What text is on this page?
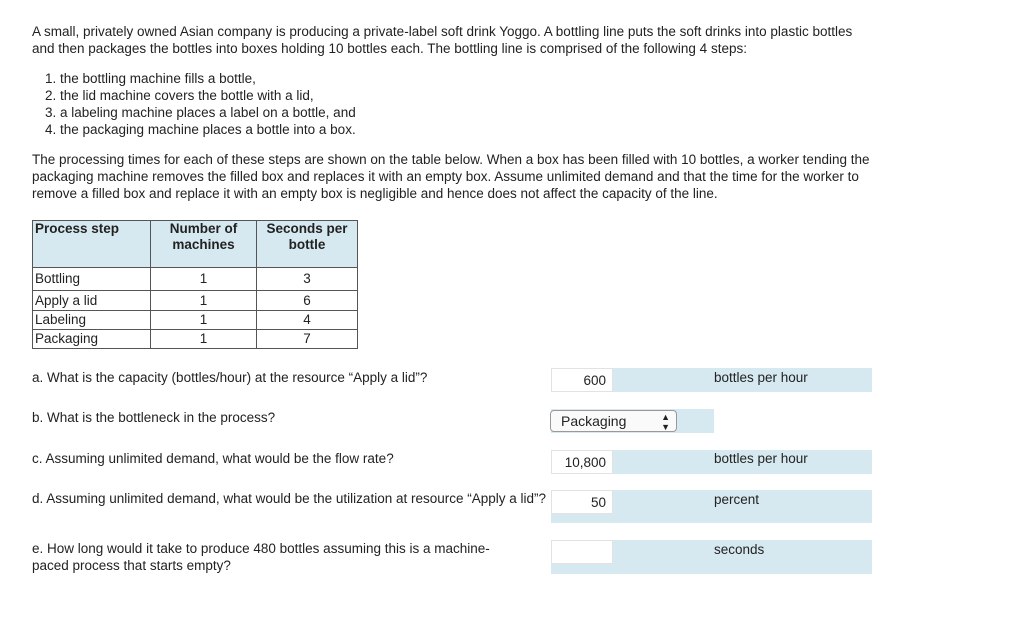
A small, privately owned Asian company is producing a private-label soft drink Yoggo. A bottling line puts the soft drinks into plastic bottles and then packages the bottles into boxes holding 10 bottles each. The bottling line is comprised of the following 4 steps:

1. the bottling machine fills a bottle,
2. the lid machine covers the bottle with a lid,
3. a labeling machine places a label on a bottle, and
4. the packaging machine places a bottle into a box.

The processing times for each of these steps are shown on the table below. When a box has been filled with 10 bottles, a worker tending the packaging machine removes the filled box and replaces it with an empty box. Assume unlimited demand and that the time for the worker to remove a filled box and replace it with an empty box is negligible and hence does not affect the capacity of the line.

Process step	Number of machines	Seconds per bottle
Bottling	1	3
Apply a lid	1	6
Labeling	1	4
Packaging	1	7
a. What is the capacity (bottles/hour) at the resource “Apply a lid”?	600	bottles per hour
b. What is the bottleneck in the process?	Packaging	▲
▼
c. Assuming unlimited demand, what would be the flow rate?	10,800	bottles per hour
d. Assuming unlimited demand, what would be the utilization at resource “Apply a lid”?	50	percent
e. How long would it take to produce 480 bottles assuming this is a machine-paced process that starts empty?
seconds
